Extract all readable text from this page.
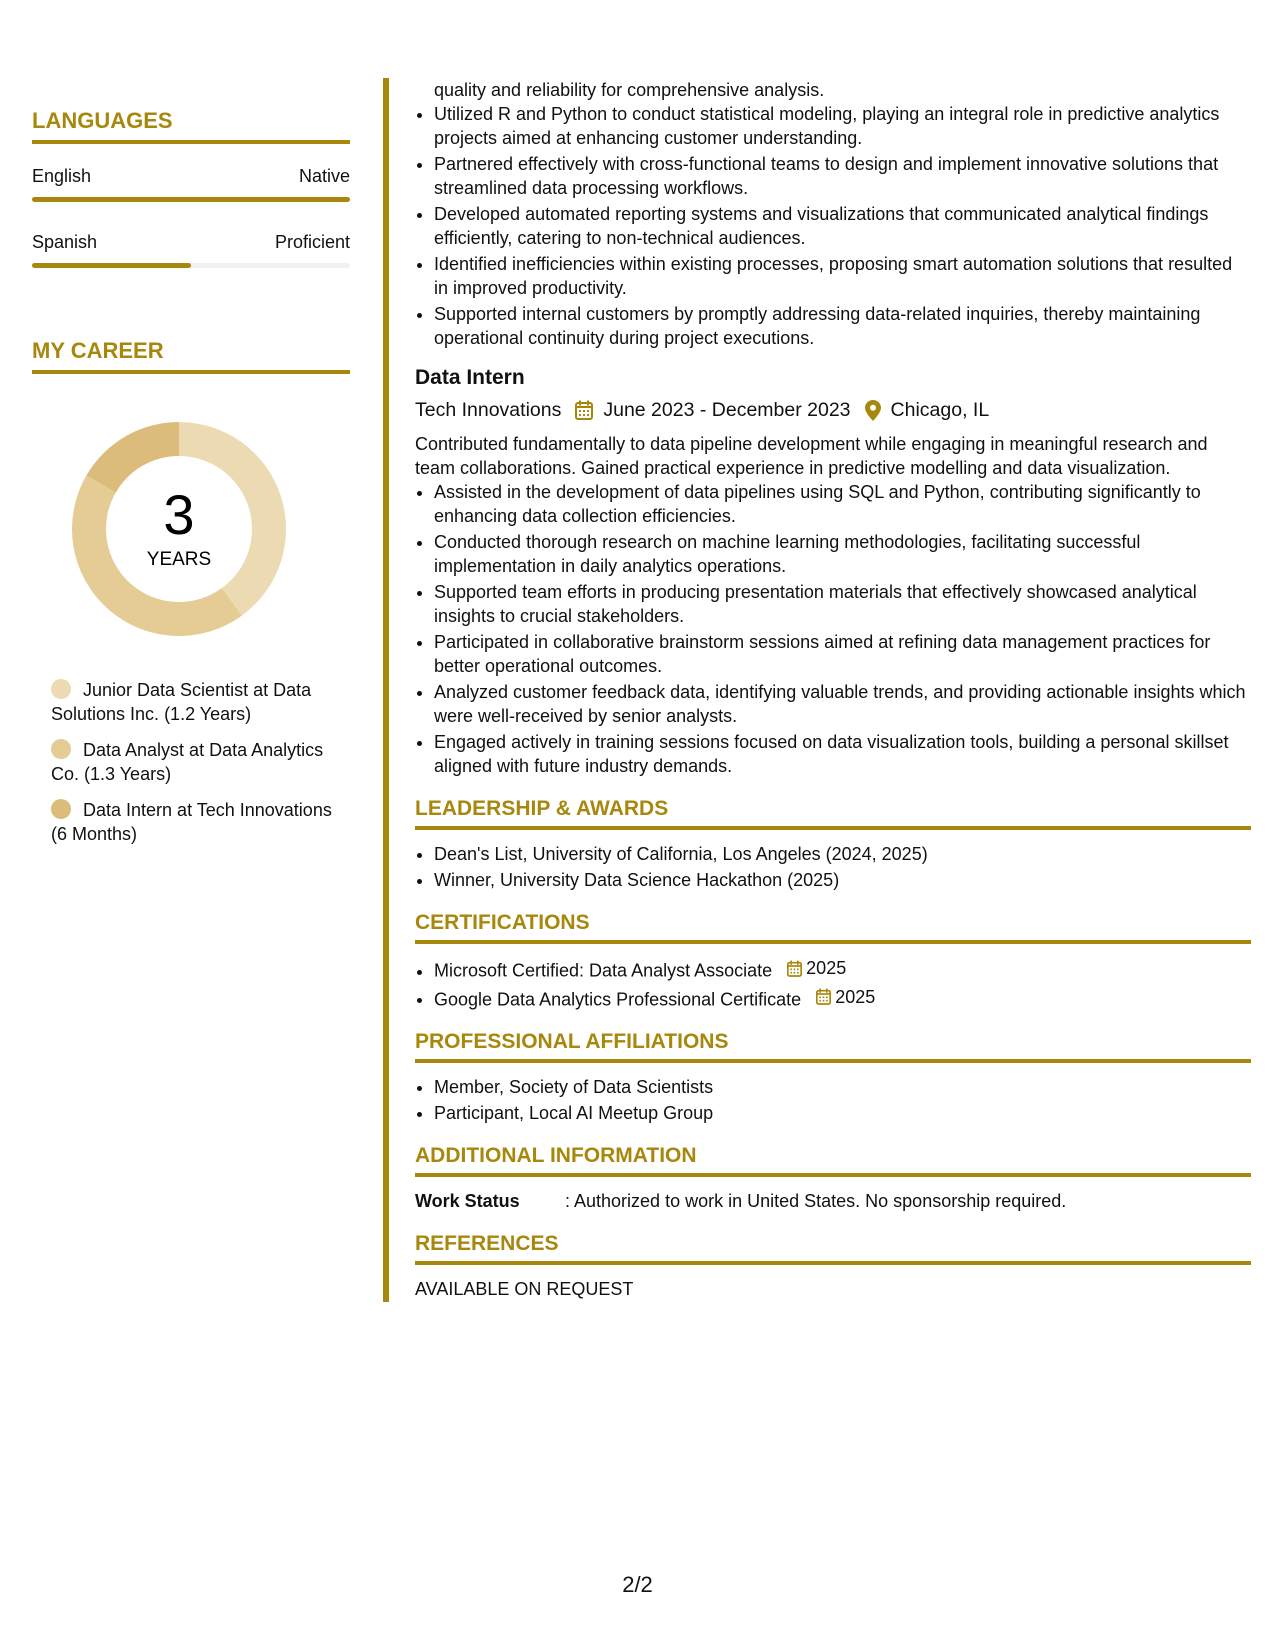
LANGUAGES
English	Native
Spanish	Proficient
MY CAREER
3
YEARS
Junior Data Scientist at Data Solutions Inc. (1.2 Years)
Data Analyst at Data Analytics Co. (1.3 Years)
Data Intern at Tech Innovations (6 Months)
quality and reliability for comprehensive analysis.
• Utilized R and Python to conduct statistical modeling, playing an integral role in predictive analytics projects aimed at enhancing customer understanding.
• Partnered effectively with cross-functional teams to design and implement innovative solutions that streamlined data processing workflows.
• Developed automated reporting systems and visualizations that communicated analytical findings efficiently, catering to non-technical audiences.
• Identified inefficiencies within existing processes, proposing smart automation solutions that resulted in improved productivity.
• Supported internal customers by promptly addressing data-related inquiries, thereby maintaining operational continuity during project executions.
Data Intern
Tech Innovations June 2023 - December 2023 Chicago, IL
Contributed fundamentally to data pipeline development while engaging in meaningful research and team collaborations. Gained practical experience in predictive modelling and data visualization.
• Assisted in the development of data pipelines using SQL and Python, contributing significantly to enhancing data collection efficiencies.
• Conducted thorough research on machine learning methodologies, facilitating successful implementation in daily analytics operations.
• Supported team efforts in producing presentation materials that effectively showcased analytical insights to crucial stakeholders.
• Participated in collaborative brainstorm sessions aimed at refining data management practices for better operational outcomes.
• Analyzed customer feedback data, identifying valuable trends, and providing actionable insights which were well-received by senior analysts.
• Engaged actively in training sessions focused on data visualization tools, building a personal skillset aligned with future industry demands.
LEADERSHIP & AWARDS
• Dean's List, University of California, Los Angeles (2024, 2025)
• Winner, University Data Science Hackathon (2025)
CERTIFICATIONS
• Microsoft Certified: Data Analyst Associate 2025
• Google Data Analytics Professional Certificate 2025
PROFESSIONAL AFFILIATIONS
• Member, Society of Data Scientists
• Participant, Local AI Meetup Group
ADDITIONAL INFORMATION
Work Status	: Authorized to work in United States. No sponsorship required.
REFERENCES
AVAILABLE ON REQUEST
2/2
